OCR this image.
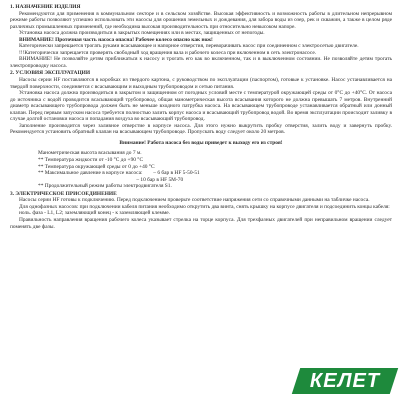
1. НАЗНАЧЕНИЕ ИЗДЕЛИЯ

Рекомендуются для применения в коммунальном секторе и в сельском хозяйстве. Высокая эффективность и возможность работы в длительном непрерывном режиме работы позволяют успешно использовать эти насосы для орошения земельных и дождевания, для забора воды из озер, рек и скважин, а также в целом ряде различных промышленных применений, где необходима высокая производительность при относительно невысоком напоре.

Установка насоса должна производиться в закрытых помещениях или в местах, защищенных от непогоды.

ВНИМАНИЕ! Проточная часть насоса опасна! Рабочее колесо опасно как нож!

Категорически запрещается трогать руками всасывающее и напорное отверстия, переворачивать насос при соединенном с электросетью двигателе.

!!!Категорически запрещается проверять свободный ход вращения вала и рабочего колеса при включенном в сеть электронасосе.

ВНИМАНИЕ! Не позволяйте детям приближаться к насосу и трогать его как во включенном, так и в выключенном состоянии. Не позволяйте детям трогать электропроводку насоса.

2. УСЛОВИЯ ЭКСПЛУАТАЦИИ

Насосы серии HF поставляются в коробках из твердого картона, с руководством по эксплуатации (паспортом), готовые к установке. Насос устанавливается на твердой поверхности, соединяется с всасывающим и выходным трубопроводом и сетью питания.

Установка насоса должна производиться в закрытом и защищенном от погодных условий месте с температурой окружающей среды от 0°С до +40°С. От насоса до источника с водой проводится всасывающий трубопровод, общая манометрическая высота всасывания которого не должна превышать 7 метров. Внутренний диаметр всасывающего трубопровода должен быть не меньше входного патрубка насоса. На всасывающем трубопроводе устанавливается обратный или донный клапан. Перед первым запуском насоса требуется полностью залить корпус насоса и всасывающий трубопровод водой. Во время эксплуатации происходит заливку в случае долгой остановки насоса и попадания воздуха во всасывающий трубопровод.

Заполнение производится через заливное отверстие в корпусе насоса. Для этого нужно выкрутить пробку отверстия, залить воду и завернуть пробку. Рекомендуется установить обратный клапан на всасывающем трубопроводе. Пропускать воду следует около 20 метров.

Внимание! Работа насоса без воды приведет к выходу его из строя!

Манометрическая высота всасывания до 7 м.

** Температура жидкости от -10 °С до +90 °С

** Температура окружающей среды от 0 до +40 °С

** Максимальное давление в корпусе насоса:        – 6 бар в HF 5-50-51

– 10 бар в HF 5M-70

** Продолжительный режим работы электродвигателя S1.

3. ЭЛЕКТРИЧЕСКОЕ ПРИСОЕДИНЕНИЕ

Насосы серии HF готовы к подключению. Перед подключением проверьте соответствие напряжения сети со справочными данными на табличке насоса.

Для однофазных насосов: при подключении кабеля питания необходимо открутить два винта, снять крышку на корпусе двигателя и подсоединить концы кабеля:

ноль. фаза - L1, L2; заземляющий конец - к заземляющей клемме.

Правильность направления вращения рабочего колеса указывает стрелка на торце корпуса. Для трехфазных двигателей при неправильном вращении следует поменять две фазы.

КЕЛЕТ
